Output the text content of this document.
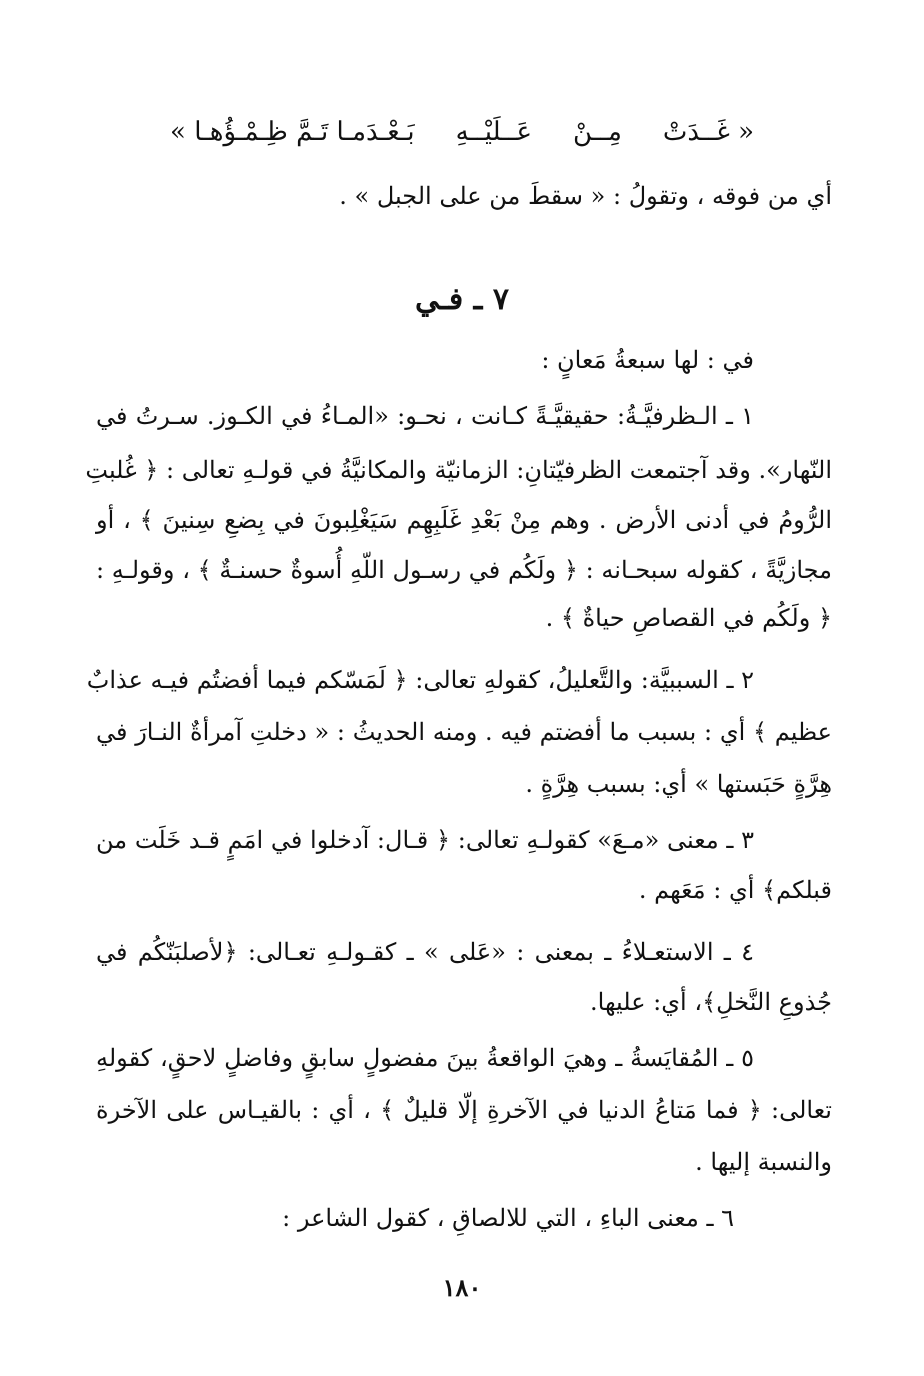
« غَــدَتْ
مِــنْ
عَــلَيْــهِ
بَـعْـدَمـا تَـمَّ ظِـمْـؤُهـا »
أي من فوقه ، وتقولُ : « سقطَ من على الجبل » .
٧ ـ فـي
في : لها سبعةُ مَعانٍ :
١ ـ الـظرفيَّـةُ: حقيقيَّـةً كـانت ، نحـو: «المـاءُ في الكـوز. سـرتُ في
النّهار». وقد آجتمعت الظرفيّتانِ: الزمانيّة والمكانيَّةُ في قولـهِ تعالى : ﴿ غُلبتِ
الرُّومُ في أدنى الأرض . وهم مِنْ بَعْدِ غَلَبِهِم سَيَغْلِبونَ في بِضعِ سِنينَ ﴾ ، أو
مجازيَّةً ، كقوله سبحـانه : ﴿ ولَكُم في رسـول اللّهِ أُسوةٌ حسنـةٌ ﴾ ، وقولـهِ :
﴿ ولَكُم في القصاصِ حياةٌ ﴾ .
٢ ـ السببيَّة: والتَّعليلُ، كقولهِ تعالى: ﴿ لَمَسّكم فيما أفضتُم فيـه عذابٌ
عظيم ﴾ أي : بسبب ما أفضتم فيه . ومنه الحديثُ : « دخلتِ آمرأةٌ النـارَ في
هِرَّةٍ حَبَستها » أي: بسبب هِرَّةٍ .
٣ ـ معنى «مـعَ» كقولـهِ تعالى: ﴿ قـال: آدخلوا في امَمٍ قـد خَلَت من
قبلكم﴾ أي : مَعَهم .
٤ ـ الاستعـلاءُ ـ بمعنى : «عَلى » ـ كقـولـهِ تعـالى: ﴿لأصلبَنّكُم في
جُذوعِ النَّخلِ﴾، أي: عليها.
٥ ـ المُقايَسةُ ـ وهيَ الواقعةُ بينَ مفضولٍ سابقٍ وفاضلٍ لاحقٍ، كقولهِ
تعالى: ﴿ فما مَتاعُ الدنيا في الآخرةِ إلّا قليلٌ ﴾ ، أي : بالقيـاس على الآخرة
والنسبة إليها .
٦ ـ معنى الباءِ ، التي للالصاقِ ، كقول الشاعر :
١٨٠
